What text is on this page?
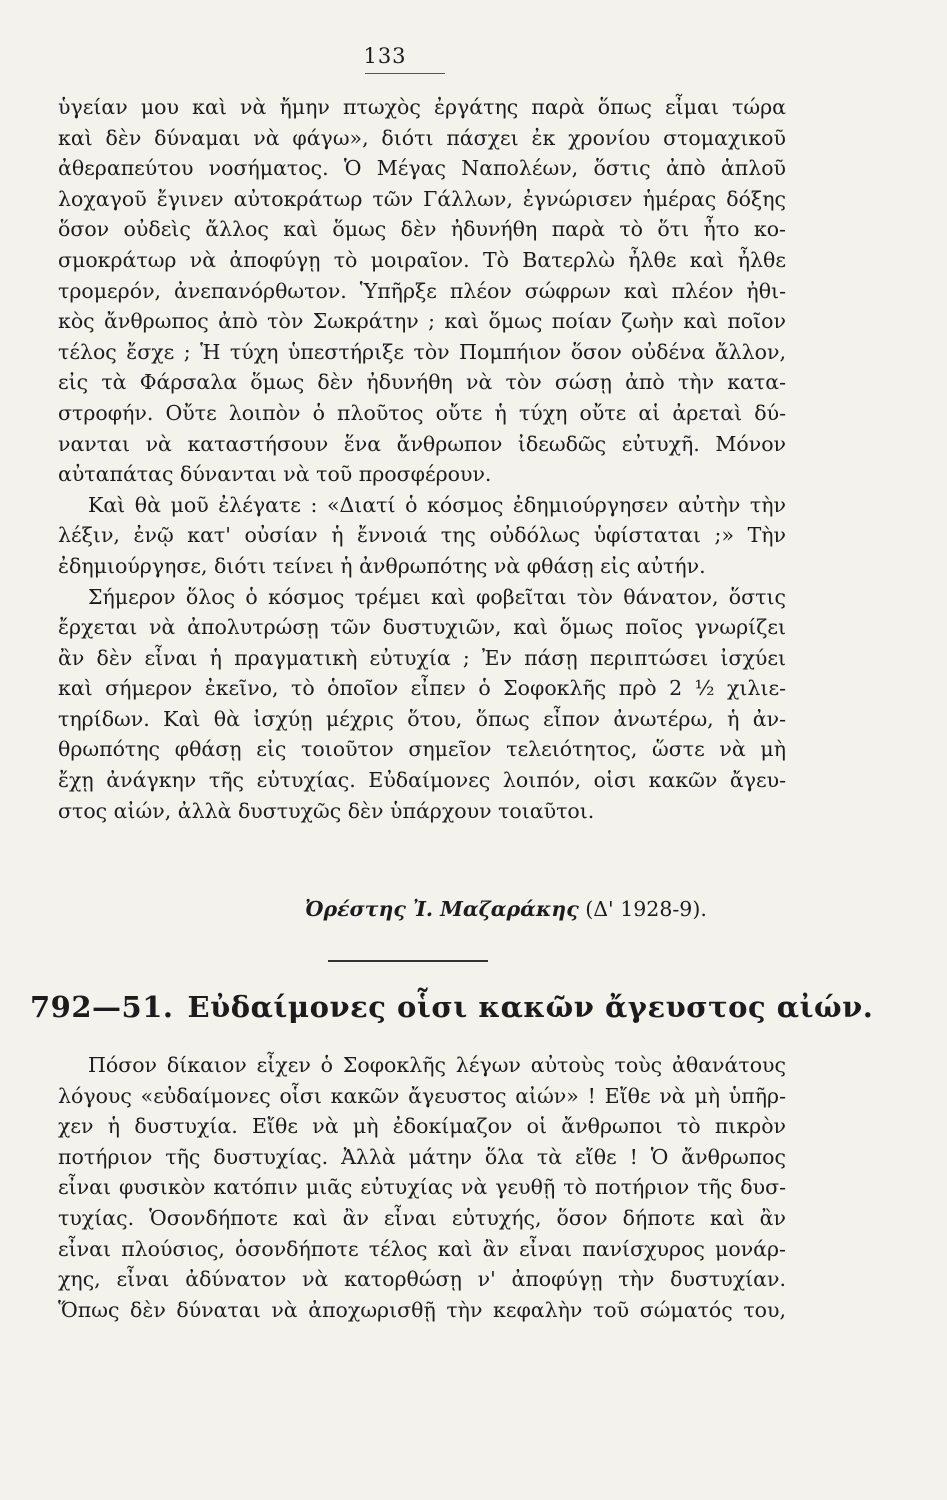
133
ὑγείαν μου καὶ νὰ ἤμην πτωχὸς ἐργάτης παρὰ ὅπως εἶμαι τώρα
καὶ δὲν δύναμαι νὰ φάγω», διότι πάσχει ἐκ χρονίου στομαχικοῦ
ἀθεραπεύτου νοσήματος. Ὁ Μέγας Ναπολέων, ὅστις ἀπὸ ἁπλοῦ
λοχαγοῦ ἔγινεν αὐτοκράτωρ τῶν Γάλλων, ἐγνώρισεν ἡμέρας δόξης
ὅσον οὐδεὶς ἄλλος καὶ ὅμως δὲν ἠδυνήθη παρὰ τὸ ὅτι ἦτο κο-
σμοκράτωρ νὰ ἀποφύγῃ τὸ μοιραῖον. Τὸ Βατερλὼ ἦλθε καὶ ἦλθε
τρομερόν, ἀνεπανόρθωτον. Ὑπῆρξε πλέον σώφρων καὶ πλέον ἠθι-
κὸς ἄνθρωπος ἀπὸ τὸν Σωκράτην ; καὶ ὅμως ποίαν ζωὴν καὶ ποῖον
τέλος ἔσχε ; Ἡ τύχη ὑπεστήριξε τὸν Πομπήιον ὅσον οὐδένα ἄλλον,
εἰς τὰ Φάρσαλα ὅμως δὲν ἠδυνήθη νὰ τὸν σώσῃ ἀπὸ τὴν κατα-
στροφήν. Οὔτε λοιπὸν ὁ πλοῦτος οὔτε ἡ τύχη οὔτε αἱ ἀρεταὶ δύ-
νανται νὰ καταστήσουν ἕνα ἄνθρωπον ἰδεωδῶς εὐτυχῆ. Μόνον
αὐταπάτας δύνανται νὰ τοῦ προσφέρουν.
Καὶ θὰ μοῦ ἐλέγατε : «Διατί ὁ κόσμος ἐδημιούργησεν αὐτὴν τὴν
λέξιν, ἐνῷ κατ' οὐσίαν ἡ ἔννοιά της οὐδόλως ὑφίσταται ;» Τὴν
ἐδημιούργησε, διότι τείνει ἡ ἀνθρωπότης νὰ φθάσῃ εἰς αὐτήν.
Σήμερον ὅλος ὁ κόσμος τρέμει καὶ φοβεῖται τὸν θάνατον, ὅστις
ἔρχεται νὰ ἀπολυτρώσῃ τῶν δυστυχιῶν, καὶ ὅμως ποῖος γνωρίζει
ἂν δὲν εἶναι ἡ πραγματικὴ εὐτυχία ; Ἐν πάσῃ περιπτώσει ἰσχύει
καὶ σήμερον ἐκεῖνο, τὸ ὁποῖον εἶπεν ὁ Σοφοκλῆς πρὸ 2 ½ χιλιε-
τηρίδων. Καὶ θὰ ἰσχύῃ μέχρις ὅτου, ὅπως εἶπον ἀνωτέρω, ἡ ἀν-
θρωπότης φθάσῃ εἰς τοιοῦτον σημεῖον τελειότητος, ὥστε νὰ μὴ
ἔχῃ ἀνάγκην τῆς εὐτυχίας. Εὐδαίμονες λοιπόν, οἱσι κακῶν ἄγευ-
στος αἰών, ἀλλὰ δυστυχῶς δὲν ὑπάρχουν τοιαῦτοι.
Ὀρέστης Ἰ. Μαζαράκης (Δ' 1928-9).
792—51. Εὐδαίμονες οἷσι κακῶν ἄγευστος αἰών.
Πόσον δίκαιον εἶχεν ὁ Σοφοκλῆς λέγων αὐτοὺς τοὺς ἀθανάτους
λόγους «εὐδαίμονες οἷσι κακῶν ἄγευστος αἰών» ! Εἴθε νὰ μὴ ὑπῆρ-
χεν ἡ δυστυχία. Εἴθε νὰ μὴ ἐδοκίμαζον οἱ ἄνθρωποι τὸ πικρὸν
ποτήριον τῆς δυστυχίας. Ἀλλὰ μάτην ὅλα τὰ εἴθε ! Ὁ ἄνθρωπος
εἶναι φυσικὸν κατόπιν μιᾶς εὐτυχίας νὰ γευθῇ τὸ ποτήριον τῆς δυσ-
τυχίας. Ὁσονδήποτε καὶ ἂν εἶναι εὐτυχής, ὅσον δήποτε καὶ ἂν
εἶναι πλούσιος, ὁσονδήποτε τέλος καὶ ἂν εἶναι πανίσχυρος μονάρ-
χης, εἶναι ἀδύνατον νὰ κατορθώσῃ ν' ἀποφύγῃ τὴν δυστυχίαν.
Ὅπως δὲν δύναται νὰ ἀποχωρισθῇ τὴν κεφαλὴν τοῦ σώματός του,
